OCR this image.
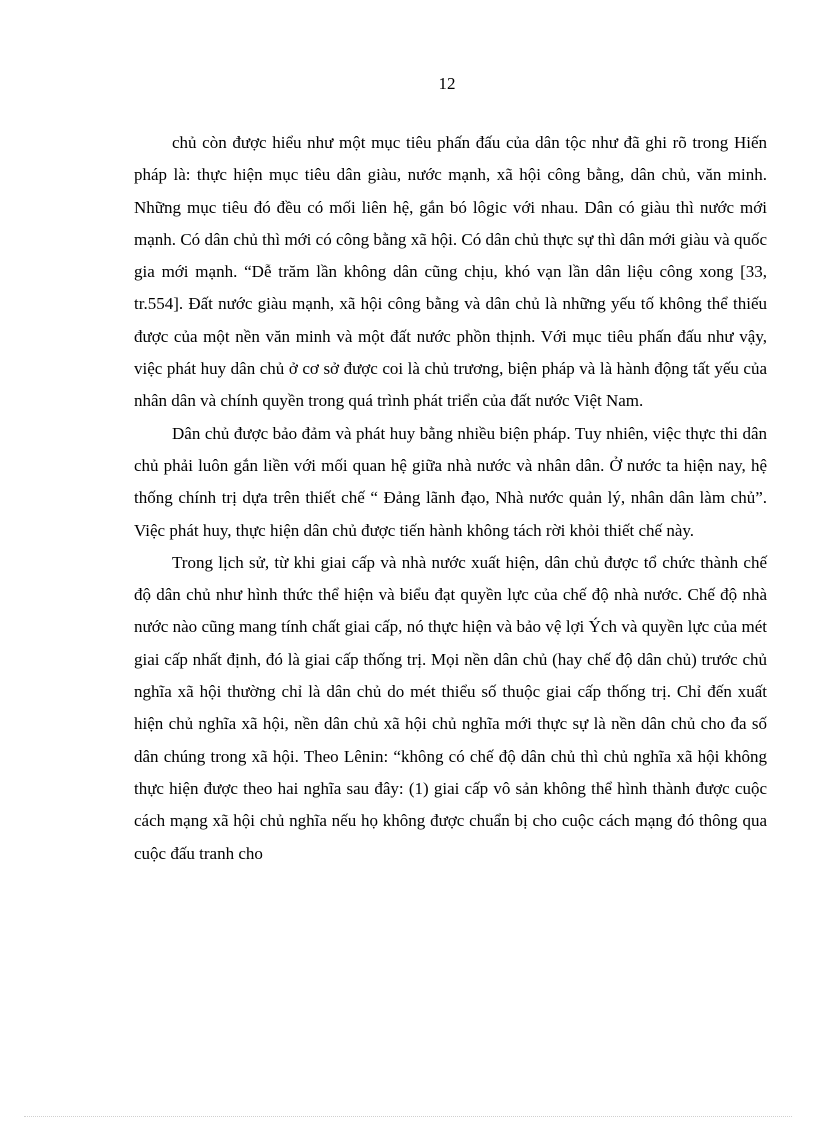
12

chủ còn được hiểu như một mục tiêu phấn đấu của dân tộc như đã ghi rõ trong Hiến pháp là: thực hiện mục tiêu dân giàu, nước mạnh, xã hội công bằng, dân chủ, văn minh. Những mục tiêu đó đều có mối liên hệ, gắn bó lôgic với nhau. Dân có giàu thì nước mới mạnh. Có dân chủ thì mới có công bằng xã hội. Có dân chủ thực sự thì dân mới giàu và quốc gia mới mạnh. “Dễ trăm lần không dân cũng chịu, khó vạn lần dân liệu công xong [33, tr.554]. Đất nước giàu mạnh, xã hội công bằng và dân chủ là những yếu tố không thể thiếu được của một nền văn minh và một đất nước phồn thịnh. Với mục tiêu phấn đấu như vậy, việc phát huy dân chủ ở cơ sở được coi là chủ trương, biện pháp và là hành động tất yếu của nhân dân và chính quyền trong quá trình phát triển của đất nước Việt Nam.

Dân chủ được bảo đảm và phát huy bằng nhiều biện pháp. Tuy nhiên, việc thực thi dân chủ phải luôn gắn liền với mối quan hệ giữa nhà nước và nhân dân. Ở nước ta hiện nay, hệ thống chính trị dựa trên thiết chế “ Đảng lãnh đạo, Nhà nước quản lý, nhân dân làm chủ”. Việc phát huy, thực hiện dân chủ được tiến hành không tách rời khỏi thiết chế này.

Trong lịch sử, từ khi giai cấp và nhà nước xuất hiện, dân chủ được tổ chức thành chế độ dân chủ như hình thức thể hiện và biểu đạt quyền lực của chế độ nhà nước. Chế độ nhà nước nào cũng mang tính chất giai cấp, nó thực hiện và bảo vệ lợi Ých và quyền lực của mét giai cấp nhất định, đó là giai cấp thống trị. Mọi nền dân chủ (hay chế độ dân chủ) trước chủ nghĩa xã hội thường chỉ là dân chủ do mét thiểu số thuộc giai cấp thống trị. Chỉ đến xuất hiện chủ nghĩa xã hội, nền dân chủ xã hội chủ nghĩa mới thực sự là nền dân chủ cho đa số dân chúng trong xã hội. Theo Lênin: “không có chế độ dân chủ thì chủ nghĩa xã hội không thực hiện được theo hai nghĩa sau đây: (1) giai cấp vô sản không thể hình thành được cuộc cách mạng xã hội chủ nghĩa nếu họ không được chuẩn bị cho cuộc cách mạng đó thông qua cuộc đấu tranh cho
